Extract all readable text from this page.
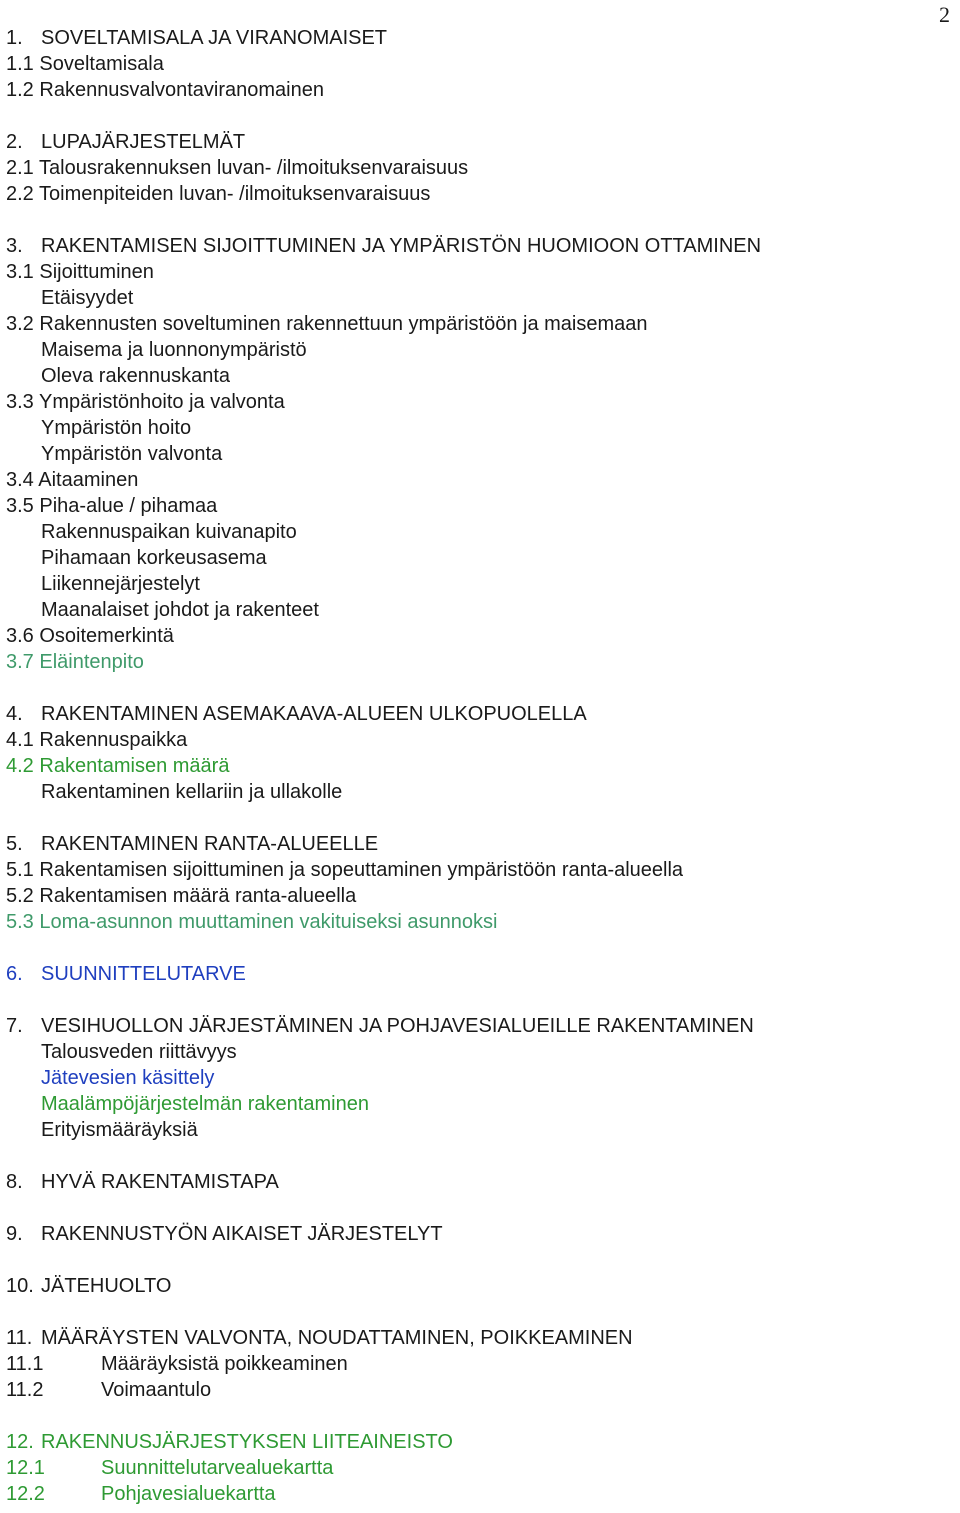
2
1. SOVELTAMISALA JA VIRANOMAISET
1.1 Soveltamisala
1.2 Rakennusvalvontaviranomainen
2. LUPAJÄRJESTELMÄT
2.1 Talousrakennuksen luvan- /ilmoituksenvaraisuus
2.2 Toimenpiteiden luvan- /ilmoituksenvaraisuus
3. RAKENTAMISEN SIJOITTUMINEN JA YMPÄRISTÖN HUOMIOON OTTAMINEN
3.1 Sijoittuminen
Etäisyydet
3.2 Rakennusten soveltuminen rakennettuun ympäristöön ja maisemaan
Maisema ja luonnonympäristö
Oleva rakennuskanta
3.3 Ympäristönhoito ja valvonta
Ympäristön hoito
Ympäristön valvonta
3.4 Aitaaminen
3.5 Piha-alue / pihamaa
Rakennuspaikan kuivanapito
Pihamaan korkeusasema
Liikennejärjestelyt
Maanalaiset johdot ja rakenteet
3.6 Osoitemerkintä
3.7 Eläintenpito
4. RAKENTAMINEN ASEMAKAAVA-ALUEEN ULKOPUOLELLA
4.1 Rakennuspaikka
4.2 Rakentamisen määrä
Rakentaminen kellariin ja ullakolle
5. RAKENTAMINEN RANTA-ALUEELLE
5.1 Rakentamisen sijoittuminen ja sopeuttaminen ympäristöön ranta-alueella
5.2 Rakentamisen määrä ranta-alueella
5.3 Loma-asunnon muuttaminen vakituiseksi asunnoksi
6. SUUNNITTELUTARVE
7. VESIHUOLLON JÄRJESTÄMINEN JA POHJAVESIALUEILLE RAKENTAMINEN
Talousveden riittävyys
Jätevesien käsittely
Maalämpöjärjestelmän rakentaminen
Erityismääräyksiä
8. HYVÄ RAKENTAMISTAPA
9. RAKENNUSTYÖN AIKAISET JÄRJESTELYT
10. JÄTEHUOLTO
11. MÄÄRÄYSTEN VALVONTA, NOUDATTAMINEN, POIKKEAMINEN
11.1	Määräyksistä poikkeaminen
11.2	Voimaantulo
12. RAKENNUSJÄRJESTYKSEN LIITEAINEISTO
12.1	Suunnittelutarvealuekartta
12.2	Pohjavesialuekartta
